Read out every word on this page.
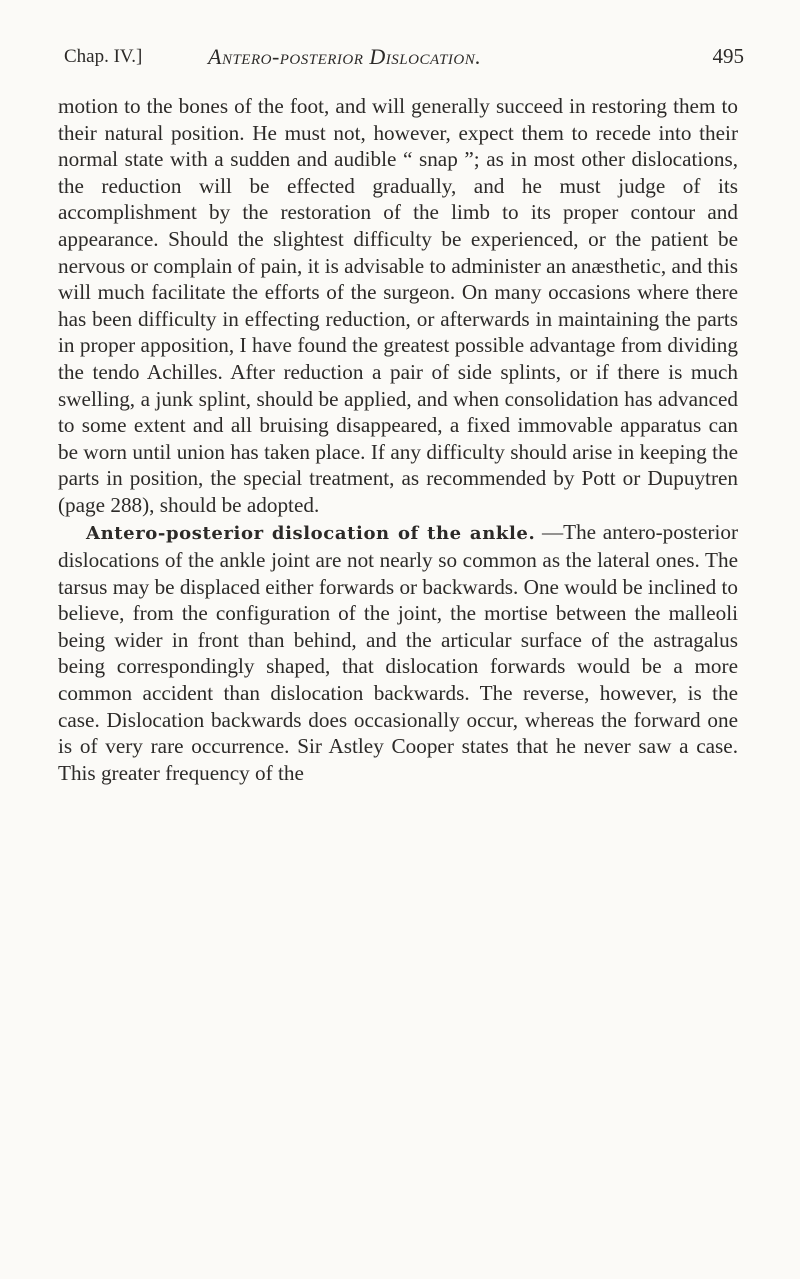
Chap. IV.]	Antero-posterior Dislocation.	495

motion to the bones of the foot, and will generally succeed in restoring them to their natural position. He must not, however, expect them to recede into their normal state with a sudden and audible “ snap ”; as in most other dislocations, the reduction will be effected gradually, and he must judge of its accomplishment by the restoration of the limb to its proper contour and appearance. Should the slightest difficulty be experienced, or the patient be nervous or complain of pain, it is advisable to administer an anæsthetic, and this will much facilitate the efforts of the surgeon. On many occasions where there has been difficulty in effecting reduction, or afterwards in maintaining the parts in proper apposition, I have found the greatest possible advantage from dividing the tendo Achilles. After reduction a pair of side splints, or if there is much swelling, a junk splint, should be applied, and when consolidation has advanced to some extent and all bruising disappeared, a fixed immovable apparatus can be worn until union has taken place. If any difficulty should arise in keeping the parts in position, the special treatment, as recommended by Pott or Dupuytren (page 288), should be adopted.

Antero-posterior dislocation of the ankle. —The antero-posterior dislocations of the ankle joint are not nearly so common as the lateral ones. The tarsus may be displaced either forwards or backwards. One would be inclined to believe, from the configuration of the joint, the mortise between the malleoli being wider in front than behind, and the articular surface of the astragalus being correspondingly shaped, that dislocation forwards would be a more common accident than dislocation backwards. The reverse, however, is the case. Dislocation backwards does occasionally occur, whereas the forward one is of very rare occurrence. Sir Astley Cooper states that he never saw a case. This greater frequency of the
